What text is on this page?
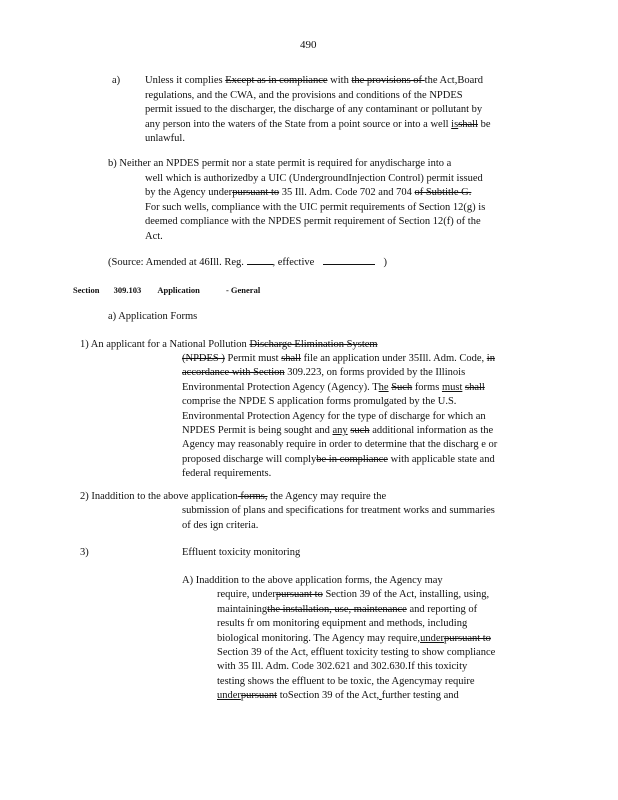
490
a) Unless it complies Except as in compliance with the provisions of the Act,Board
regulations, and the CWA, and the provisions and conditions of the NPDES
permit issued to the discharger, the discharge of any contaminant or pollutant by
any person into the waters of the State from a point source or into a well isshall be
unlawful.
b) Neither an NPDES permit nor a state permit is required for anydischarge into a
well which is authorizedby a UIC (UndergroundInjection Control) permit issued
by the Agency underpursuant to 35 Ill. Adm. Code 702 and 704 of Subtitle G.
For such wells, compliance with the UIC permit requirements of Section 12(g) is
deemed compliance with the NPDES permit requirement of Section 12(f) of the
Act.
(Source: Amended at 46Ill. Reg.	, effective	)
Section 309.103 Application	- General
a) Application Forms
1) An applicant for a National Pollution Discharge Elimination System
(NPDES ) Permit must shall file an application under 35Ill. Adm. Code, in
accordance with Section 309.223, on forms provided by the Illinois
Environmental Protection Agency (Agency). The Such forms must shall
comprise the NPDE S application forms promulgated by the U.S.
Environmental Protection Agency for the type of discharge for which an
NPDES Permit is being sought and any such additional information as the
Agency may reasonably require in order to determine that the discharg e or
proposed discharge will complybe in compliance with applicable state and
federal requirements.
2) Inaddition to the above application forms, the Agency may require the
submission of plans and specifications for treatment works and summaries
of des ign criteria.
3)	Effluent toxicity monitoring
A) Inaddition to the above application forms, the Agency may
require, underpursuant to Section 39 of the Act, installing, using,
maintainingthe installation, use, maintenance and reporting of
results fr om monitoring equipment and methods, including
biological monitoring. The Agency may require,underpursuant to
Section 39 of the Act, effluent toxicity testing to show compliance
with 35 Ill. Adm. Code 302.621 and 302.630.If this toxicity
testing shows the effluent to be toxic, the Agencymay require
underpursuant toSection 39 of the Act, further testing and
